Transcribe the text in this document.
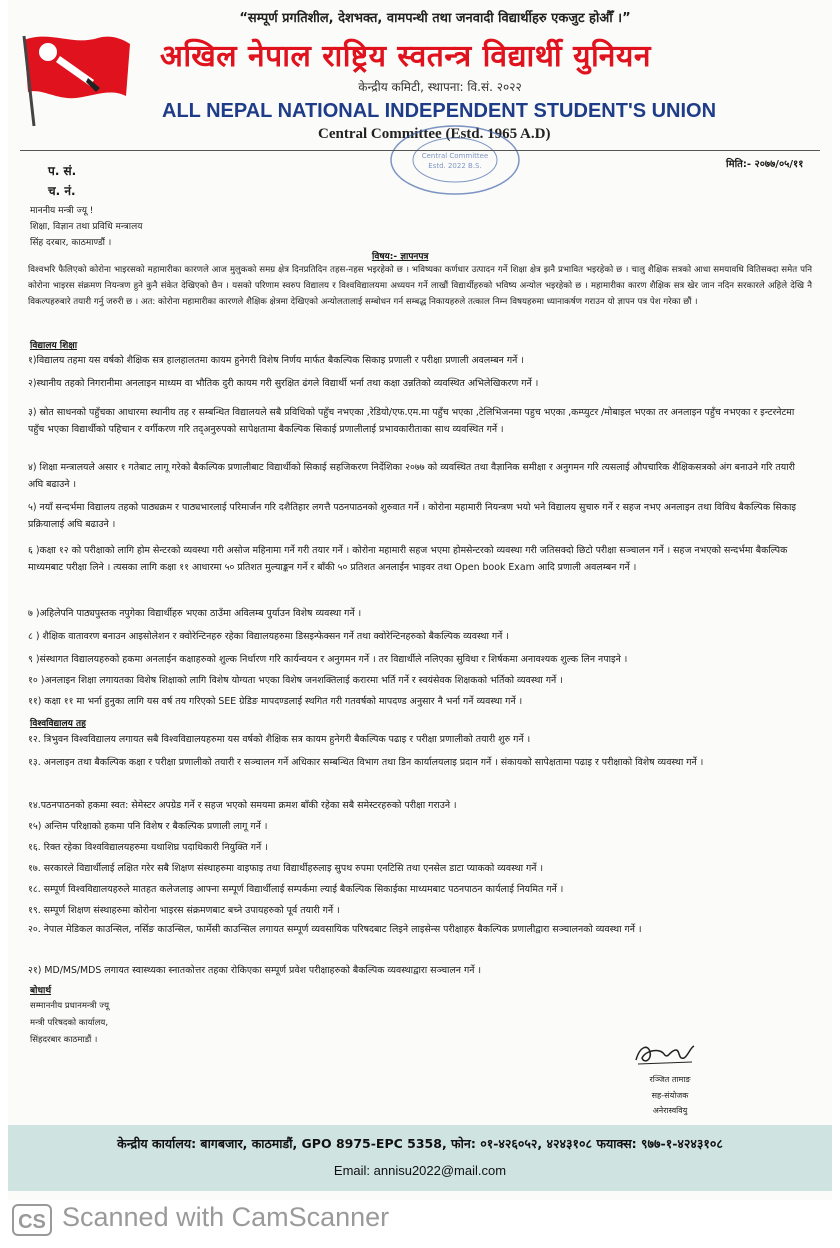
“सम्पूर्ण प्रगतिशील, देशभक्त, वामपन्थी तथा जनवादी विद्यार्थीहरु एकजुट होऔँ ।”
अखिल नेपाल राष्ट्रिय स्वतन्त्र विद्यार्थी युनियन
केन्द्रीय कमिटी, स्थापना: वि.सं. २०२२
ALL NEPAL NATIONAL INDEPENDENT STUDENT'S UNION
Central Committee (Estd. 1965 A.D)
Central Committee
Estd. 2022 B.S.
प. सं.
च. नं.
मिति:- २०७७/०५/११
माननीय मन्त्री ज्यू !
शिक्षा, विज्ञान तथा प्रविधि मन्त्रालय
सिंह दरबार, काठमाण्डौं ।
विषय:- ज्ञापनपत्र
विश्वभरि फैलिएको कोरोना भाइरसको महामारीका कारणले आज मुलुकको समग्र क्षेत्र दिनप्रतिदिन तहस-नहस भइरहेको छ । भविष्यका कर्णधार उत्पादन गर्ने शिक्षा क्षेत्र झनै प्रभावित भइरहेको छ । चालु शैक्षिक सत्रको आधा समयावधि वितिसक्दा समेत पनि कोरोना भाइरस संक्रमण नियन्त्रण हुने कुनै संकेत देखिएको छैन । यसको परिणाम स्वरुप विद्यालय र विश्वविद्यालयमा अध्ययन गर्ने लाखौं विद्यार्थीहरुको भविष्य अन्योल भइरहेको छ । महामारीका कारण शैक्षिक सत्र खेर जान नदिन सरकारले अहिले देखि नै विकल्पहरुबारे तयारी गर्नु जरुरी छ । अत: कोरोना महामारीका कारणले शैक्षिक क्षेत्रमा देखिएको अन्योलतालाई सम्बोधन गर्न सम्बद्ध निकायहरुले तत्काल निम्न विषयहरुमा ध्यानाकर्षण गराउन यो ज्ञापन पत्र पेश गरेका छौं ।
विद्यालय शिक्षा
१)विद्यालय तहमा यस वर्षको शैक्षिक सत्र हालहालतमा कायम हुनेगरी विशेष निर्णय मार्फत बैकल्पिक सिकाइ प्रणाली र परीक्षा प्रणाली अवलम्बन गर्ने ।
२)स्थानीय तहको निगरानीमा अनलाइन माध्यम वा भौतिक दुरी कायम गरी सुरक्षित ढंगले विद्यार्थी भर्ना तथा कक्षा उन्नतिको व्यवस्थित अभिलेखिकरण गर्ने ।
३) स्रोत साधनको पहुँचका आधारमा स्थानीय तह र सम्बन्धित विद्यालयले सबै प्रविधिको पहुँच नभएका ,रेडियो/एफ.एम.मा पहुँच भएका ,टेलिभिजनमा पहुच भएका ,कम्प्युटर /मोबाइल भएका तर अनलाइन पहुँच नभएका र इन्टरनेटमा पहुँच भएका विद्यार्थीको पहिचान र वर्गीकरण गरि तद्अनुरुपको सापेक्षतामा बैकल्पिक सिकाई प्रणालीलाई प्रभावकारीताका साथ व्यवस्थित गर्ने ।
४) शिक्षा मन्त्रालयले असार १ गतेबाट लागू गरेको बैकल्पिक प्रणालीबाट विद्यार्थीको सिकाई सहजिकरण निर्देशिका २०७७ को व्यवस्थित तथा वैज्ञानिक समीक्षा र अनुगमन गरि त्यसलाई औपचारिक शैक्षिकसत्रको अंग बनाउने गरि तयारी अघि बढाउने ।
५) नयाँ सन्दर्भमा विद्यालय तहको पाठ्यक्रम र पाठ्यभारलाई परिमार्जन गरि दशैतिहार लगत्तै पठनपाठनको शुरुवात गर्ने । कोरोना महामारी नियन्त्रण भयो भने विद्यालय सुचारु गर्ने र सहज नभए अनलाइन तथा विविध बैकल्पिक सिकाइ प्रक्रियालाई अघि बढाउने ।
६ )कक्षा १२ को परीक्षाको लागि होम सेन्टरको व्यवस्था गरी असोज महिनामा गर्ने गरी तयार गर्ने । कोरोना महामारी सहज भएमा होमसेन्टरको व्यवस्था गरी जतिसक्दो छिटो परीक्षा सञ्चालन गर्ने । सहज नभएको सन्दर्भमा बैकल्पिक माध्यमबाट परीक्षा लिने । त्यसका लागि कक्षा ११ आधारमा ५० प्रतिशत मुल्याङ्कन गर्ने र बाँकी ५० प्रतिशत अनलाईन भाइवर तथा Open book Exam आदि प्रणाली अवलम्बन गर्ने ।
७ )अहिलेपनि पाठ्यपुस्तक नपुगेका विद्यार्थीहरु भएका ठाउँमा अविलम्ब पुर्याउन विशेष व्यवस्था गर्ने ।
८ ) शैक्षिक वातावरण बनाउन आइसोलेशन र क्वोरेन्टिनहरु रहेका विद्यालयहरुमा डिसइन्फेक्सन गर्ने तथा क्वोरेन्टिनहरुको बैकल्पिक व्यवस्था गर्ने ।
९ )संस्थागत विद्यालयहरुको हकमा अनलाईन कक्षाहरुको शुल्क निर्धारण गरि कार्यन्वयन र अनुगमन गर्ने । तर विद्यार्थीले नलिएका सुविधा र शिर्षकमा अनावश्यक शुल्क लिन नपाइने ।
१० )अनलाइन शिक्षा लगायतका विशेष शिक्षाको लागि विशेष योग्यता भएका विशेष जनशक्तिलाई करारमा भर्ति गर्ने र स्वयंसेवक शिक्षकको भर्तिको व्यवस्था गर्ने ।
११) कक्षा ११ मा भर्ना हुनुका लागि यस वर्ष तय गरिएको SEE ग्रेडिङ मापदण्डलाई स्थगित गरी गतवर्षको मापदण्ड अनुसार नै भर्ना गर्ने व्यवस्था गर्ने ।
विश्वविद्यालय तह
१२. त्रिभुवन विश्वविद्यालय लगायत सबै विश्वविद्यालयहरुमा यस वर्षको शैक्षिक सत्र कायम हुनेगरी बैकल्पिक पढाइ र परीक्षा प्रणालीको तयारी शुरु गर्ने ।
१३. अनलाइन तथा बैकल्पिक कक्षा र परीक्षा प्रणालीको तयारी र सञ्चालन गर्ने अधिकार सम्बन्धित विभाग तथा डिन कार्यालयलाइ प्रदान गर्ने । संकायको सापेक्षतामा पढाइ र परीक्षाको विशेष व्यवस्था गर्ने ।
१४.पठनपाठनको हकमा स्वत: सेमेस्टर अपग्रेड गर्ने र सहज भएको समयमा क्रमश बाँकी रहेका सबै समेस्टरहरुको परीक्षा गराउने ।
१५) अन्तिम परिक्षाको हकमा पनि विशेष र बैकल्पिक प्रणाली लागू गर्ने ।
१६. रिक्त रहेका विश्वविद्यालयहरुमा यथाशिघ्र पदाधिकारी नियुक्ति गर्ने ।
१७. सरकारले विद्यार्थीलाई लक्षित गरेर सबै शिक्षण संस्थाहरुमा वाइफाइ तथा विद्यार्थीहरुलाइ सुपथ रुपमा एनटिसि तथा एनसेल डाटा प्याकको व्यवस्था गर्ने ।
१८. सम्पूर्ण विश्वविद्यालयहरुले मातहत कलेजलाइ आफ्ना सम्पूर्ण विद्यार्थीलाई सम्पर्कमा ल्याई बैकल्पिक सिकाईका माध्यमबाट पठनपाठन कार्यलाई नियमित गर्ने ।
१९. सम्पूर्ण शिक्षण संस्थाहरुमा कोरोना भाइरस संक्रमणबाट बच्ने उपायहरुको पूर्व तयारी गर्ने ।
२०. नेपाल मेडिकल काउन्सिल, नर्सिङ काउन्सिल, फार्मेसी काउन्सिल लगायत सम्पूर्ण व्यवसायिक परिषदबाट लिइने लाइसेन्स परीक्षाहरु बैकल्पिक प्रणालीद्वारा सञ्चालनको व्यवस्था गर्ने ।
२१) MD/MS/MDS लगायत स्वास्थ्यका स्नातकोत्तर तहका रोकिएका सम्पूर्ण प्रवेश परीक्षाहरुको बैकल्पिक व्यवस्थाद्वारा सञ्चालन गर्ने ।
बोधार्थ
सम्माननीय प्रधानमन्त्री ज्यू
मन्त्री परिषदको कार्यालय,
सिंहदरबार काठमाडौं ।
रञ्जित तामाङ
सह-संयोजक
अनेरास्ववियु
केन्द्रीय कार्यालय: बागबजार, काठमाडौं, GPO 8975-EPC 5358, फोन: ०१-४२६०५२, ४२४३१०८ फयाक्स: ९७७-१-४२४३१०८
Email: annisu2022@mail.com
CS Scanned with CamScanner
